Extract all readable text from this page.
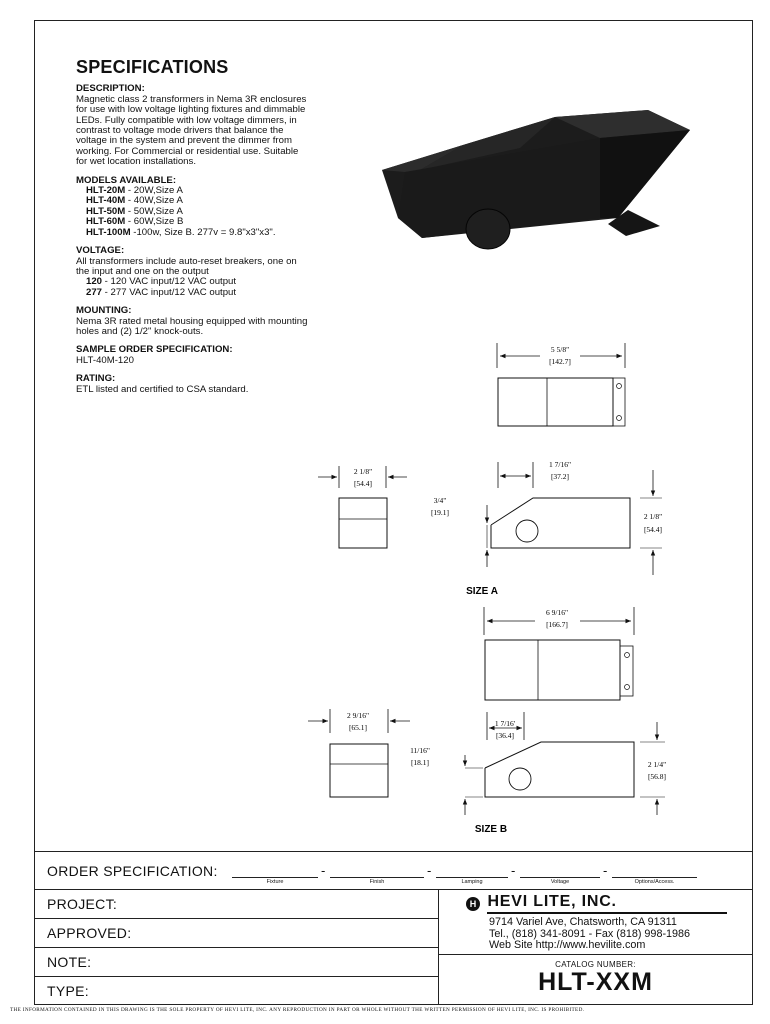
SPECIFICATIONS
DESCRIPTION:

Magnetic class 2 transformers in Nema 3R enclosures for use with low voltage lighting fixtures and dimmable LEDs. Fully compatible with low voltage dimmers, in contrast to voltage mode drivers that balance the voltage in the system and prevent the dimmer from working. For Commercial or residential use. Suitable for wet location installations.

MODELS AVAILABLE:
HLT-20M - 20W,Size A
HLT-40M - 40W,Size A
HLT-50M - 50W,Size A
HLT-60M - 60W,Size B
HLT-100M -100w, Size B. 277v = 9.8"x3"x3".
VOLTAGE:

All transformers include auto-reset breakers, one on the input and one on the output

120 - 120 VAC input/12 VAC output
277 - 277 VAC input/12 VAC output
MOUNTING:

Nema 3R rated metal housing equipped with mounting holes and (2) 1/2" knock-outs.

SAMPLE ORDER SPECIFICATION:

HLT-40M-120

RATING:

ETL listed and certified to CSA standard.

5 5/8"
[142.7]
2 1/8"
[54.4]
1 7/16"
[37.2]
3/4"
[19.1]	2 1/8"
[54.4]
SIZE A
6 9/16"
[166.7]
2 9/16"
[65.1]	1 7/16'
[36.4]
11/16"
[18.1]	2 1/4"
[56.8]
SIZE B
ORDER SPECIFICATION:
Fixture
-
Finish
-
Lamping
-
Voltage
-
Options/Access.
PROJECT:
APPROVED:
NOTE:
TYPE:
H HEVI LITE, INC.
9714 Variel Ave, Chatsworth, CA 91311
Tel., (818) 341-8091 - Fax (818) 998-1986
Web Site http://www.hevilite.com
CATALOG NUMBER:
HLT-XXM
THE INFORMATION CONTAINED IN THIS DRAWING IS THE SOLE PROPERTY OF HEVI LITE, INC. ANY REPRODUCTION IN PART OR WHOLE WITHOUT THE WRITTEN PERMISSION OF HEVI LITE, INC. IS PROHIBITED.
